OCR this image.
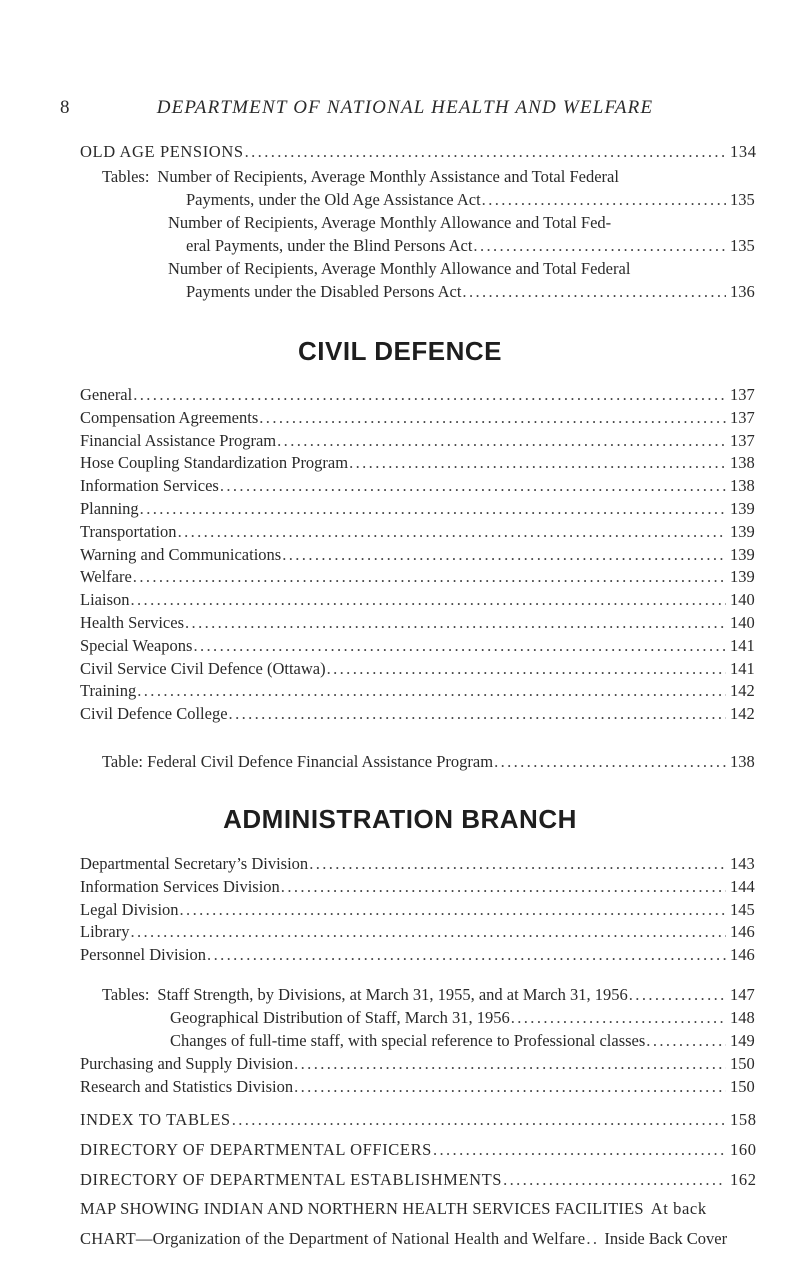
8	DEPARTMENT OF NATIONAL HEALTH AND WELFARE
OLD AGE PENSIONS .....	134
Tables: Number of Recipients, Average Monthly Assistance and Total Federal
Payments, under the Old Age Assistance Act .....	135
Number of Recipients, Average Monthly Allowance and Total Fed-
eral Payments, under the Blind Persons Act .....	135
Number of Recipients, Average Monthly Allowance and Total Federal
Payments under the Disabled Persons Act .....	136
CIVIL DEFENCE
General .....	137
Compensation Agreements .....	137
Financial Assistance Program .....	137
Hose Coupling Standardization Program .....	138
Information Services .....	138
Planning .....	139
Transportation .....	139
Warning and Communications .....	139
Welfare .....	139
Liaison .....	140
Health Services .....	140
Special Weapons .....	141
Civil Service Civil Defence (Ottawa) .....	141
Training .....	142
Civil Defence College .....	142
Table: Federal Civil Defence Financial Assistance Program .....	138
ADMINISTRATION BRANCH
Departmental Secretary’s Division .....	143
Information Services Division .....	144
Legal Division .....	145
Library .....	146
Personnel Division .....	146
Tables: Staff Strength, by Divisions, at March 31, 1955, and at March 31, 1956 .....	147
Geographical Distribution of Staff, March 31, 1956 .....	148
Changes of full-time staff, with special reference to Professional classes .....	149
Purchasing and Supply Division .....	150
Research and Statistics Division .....	150
INDEX TO TABLES .....	158
DIRECTORY OF DEPARTMENTAL OFFICERS .....	160
DIRECTORY OF DEPARTMENTAL ESTABLISHMENTS .....	162
MAP SHOWING INDIAN AND NORTHERN HEALTH SERVICES FACILITIES At back
CHART—Organization of the Department of National Health and Welfare ..... Inside Back Cover
